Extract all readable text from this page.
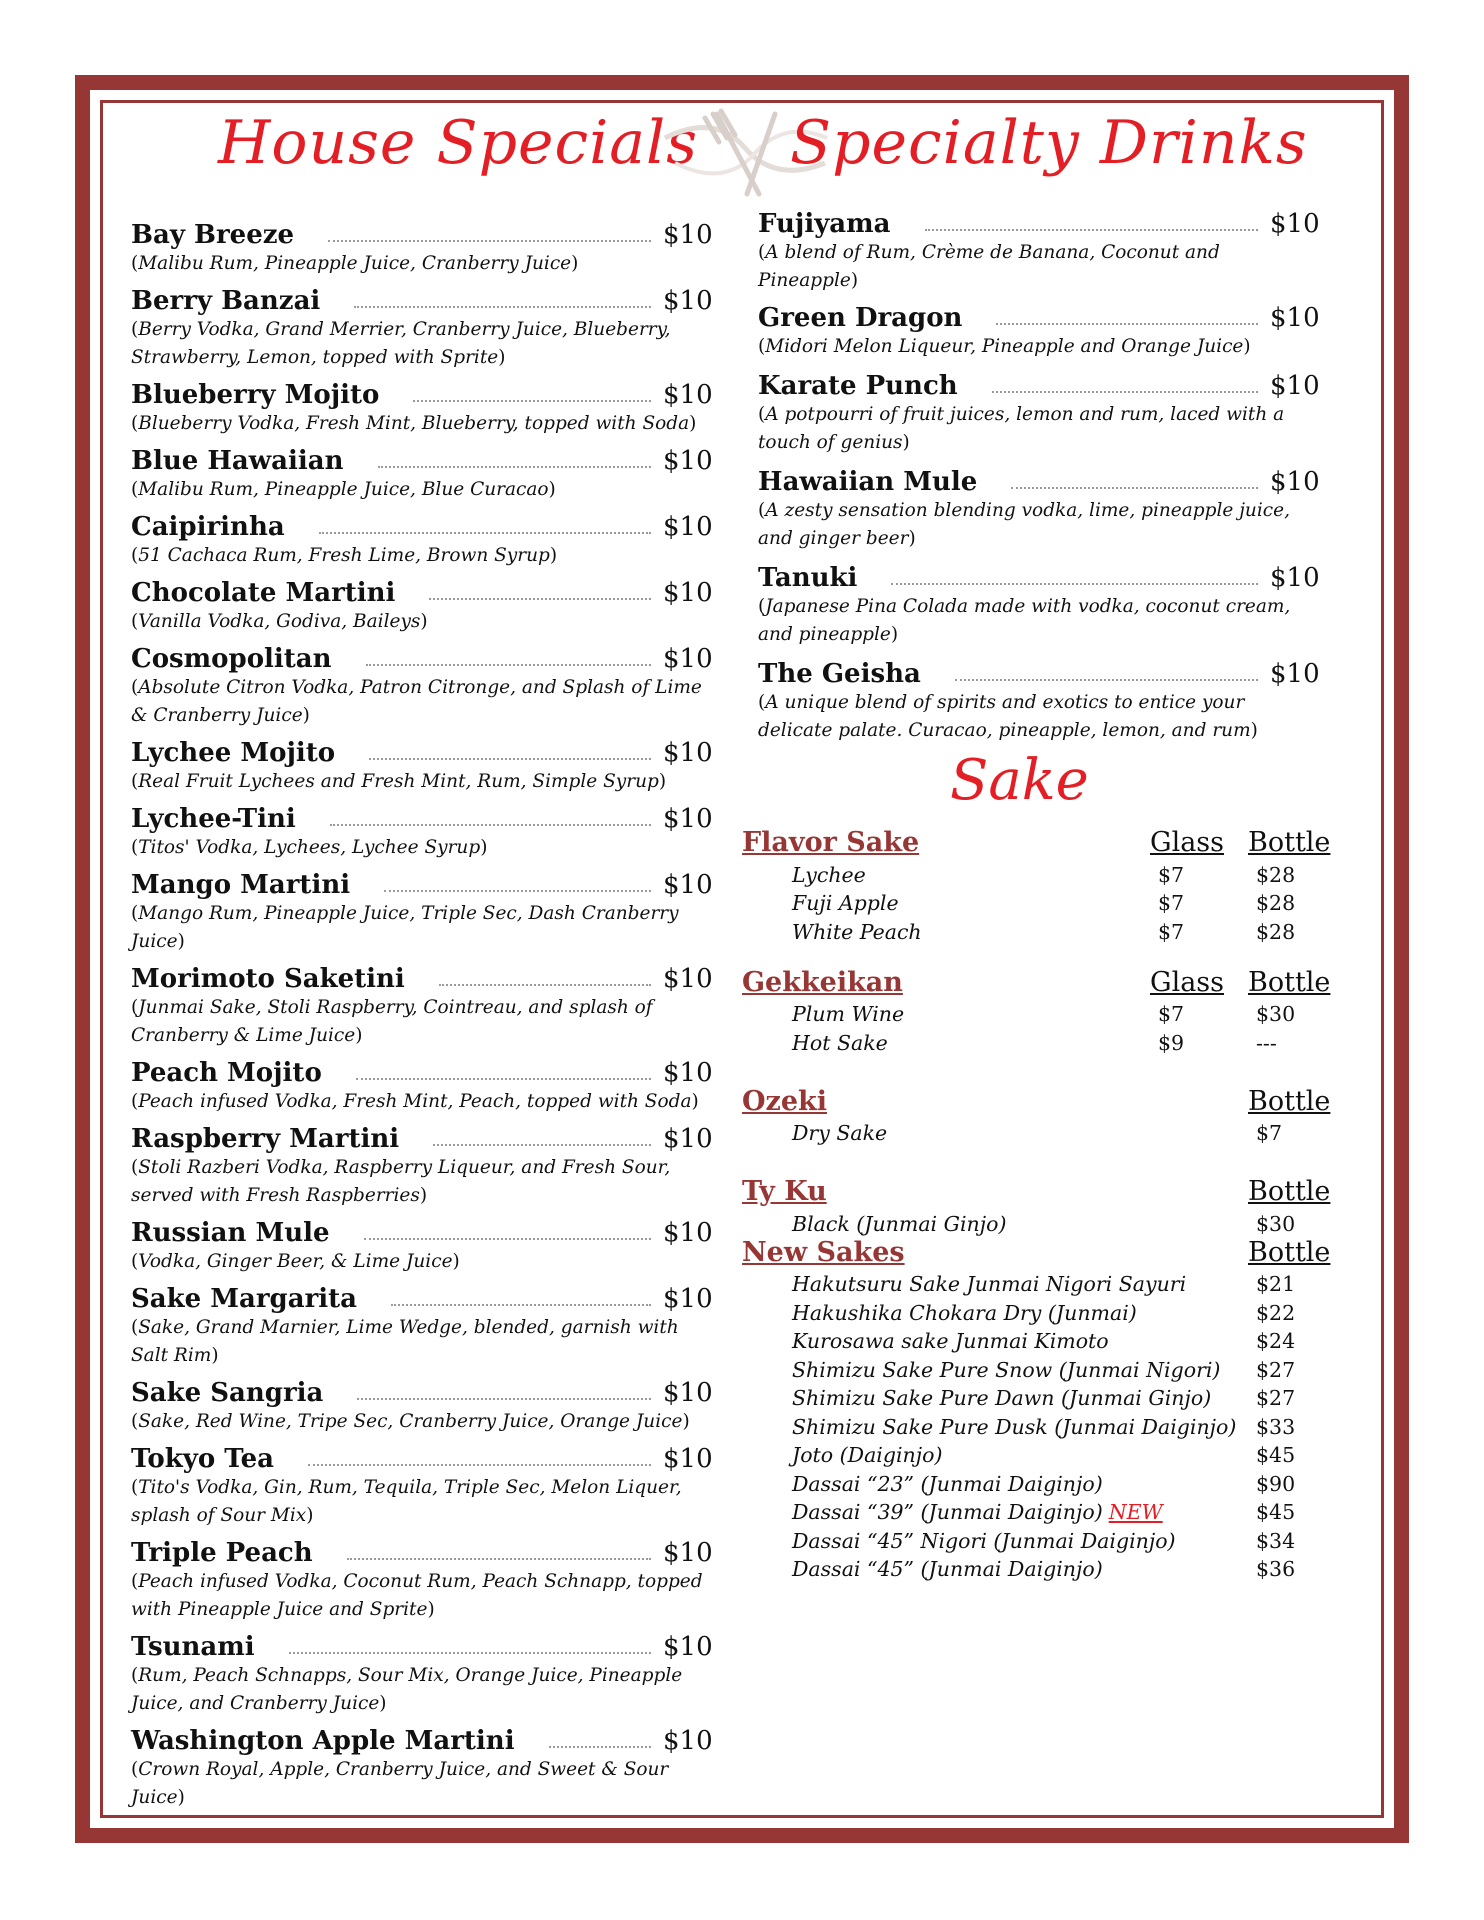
House Specials Specialty Drinks
Bay Breeze	$10
(Malibu Rum, Pineapple Juice, Cranberry Juice)
Berry Banzai	$10
(Berry Vodka, Grand Merrier, Cranberry Juice, Blueberry, Strawberry, Lemon, topped with Sprite)
Blueberry Mojito	$10
(Blueberry Vodka, Fresh Mint, Blueberry, topped with Soda)
Blue Hawaiian	$10
(Malibu Rum, Pineapple Juice, Blue Curacao)
Caipirinha	$10
(51 Cachaca Rum, Fresh Lime, Brown Syrup)
Chocolate Martini	$10
(Vanilla Vodka, Godiva, Baileys)
Cosmopolitan	$10
(Absolute Citron Vodka, Patron Citronge, and Splash of Lime & Cranberry Juice)
Lychee Mojito	$10
(Real Fruit Lychees and Fresh Mint, Rum, Simple Syrup)
Lychee-Tini	$10
(Titos' Vodka, Lychees, Lychee Syrup)
Mango Martini	$10
(Mango Rum, Pineapple Juice, Triple Sec, Dash Cranberry Juice)
Morimoto Saketini	$10
(Junmai Sake, Stoli Raspberry, Cointreau, and splash of Cranberry & Lime Juice)
Peach Mojito	$10
(Peach infused Vodka, Fresh Mint, Peach, topped with Soda)
Raspberry Martini	$10
(Stoli Razberi Vodka, Raspberry Liqueur, and Fresh Sour, served with Fresh Raspberries)
Russian Mule	$10
(Vodka, Ginger Beer, & Lime Juice)
Sake Margarita	$10
(Sake, Grand Marnier, Lime Wedge, blended, garnish with Salt Rim)
Sake Sangria	$10
(Sake, Red Wine, Tripe Sec, Cranberry Juice, Orange Juice)
Tokyo Tea	$10
(Tito's Vodka, Gin, Rum, Tequila, Triple Sec, Melon Liquer, splash of Sour Mix)
Triple Peach	$10
(Peach infused Vodka, Coconut Rum, Peach Schnapp, topped with Pineapple Juice and Sprite)
Tsunami	$10
(Rum, Peach Schnapps, Sour Mix, Orange Juice, Pineapple Juice, and Cranberry Juice)
Washington Apple Martini	$10
(Crown Royal, Apple, Cranberry Juice, and Sweet & Sour Juice)
Fujiyama	$10
(A blend of Rum, Crème de Banana, Coconut and Pineapple)
Green Dragon	$10
(Midori Melon Liqueur, Pineapple and Orange Juice)
Karate Punch	$10
(A potpourri of fruit juices, lemon and rum, laced with a touch of genius)
Hawaiian Mule	$10
(A zesty sensation blending vodka, lime, pineapple juice, and ginger beer)
Tanuki	$10
(Japanese Pina Colada made with vodka, coconut cream, and pineapple)
The Geisha	$10
(A unique blend of spirits and exotics to entice your delicate palate. Curacao, pineapple, lemon, and rum)
Sake
Flavor Sake	Glass Bottle
Lychee	$7	$28
Fuji Apple	$7	$28
White Peach	$7	$28
Gekkeikan	Glass Bottle
Plum Wine	$7	$30
Hot Sake	$9	---
Ozeki	Bottle
Dry Sake	$7
Ty Ku	Bottle
Black (Junmai Ginjo)	$30
New Sakes	Bottle
Hakutsuru Sake Junmai Nigori Sayuri	$21
Hakushika Chokara Dry (Junmai)	$22
Kurosawa sake Junmai Kimoto	$24
Shimizu Sake Pure Snow (Junmai Nigori) $27
Shimizu Sake Pure Dawn (Junmai Ginjo) $27
Shimizu Sake Pure Dusk (Junmai Daiginjo) $33
Joto (Daiginjo)	$45
Dassai “23” (Junmai Daiginjo)	$90
Dassai “39” (Junmai Daiginjo) NEW	$45
Dassai “45” Nigori (Junmai Daiginjo)	$34
Dassai “45” (Junmai Daiginjo)	$36
